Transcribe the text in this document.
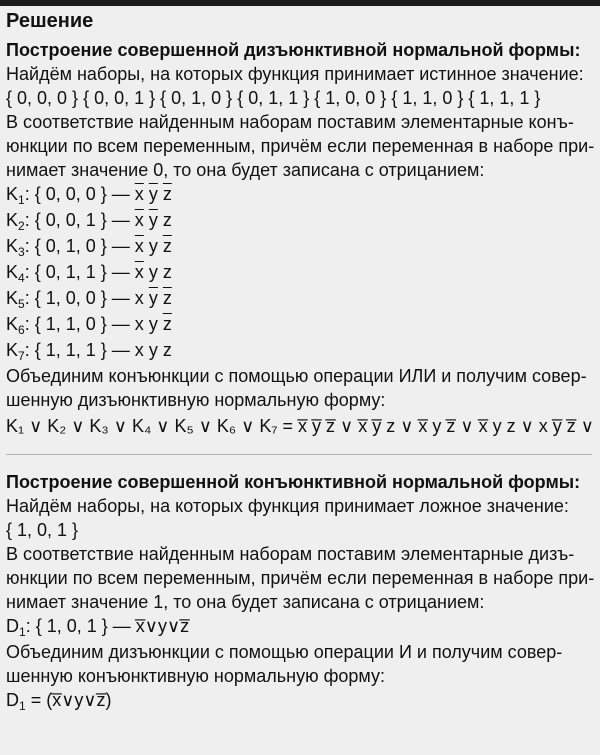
Решение

Построение совершенной дизъюнктивной нормальной формы:

Найдём наборы, на которых функция принимает истинное значение:

{ 0, 0, 0 } { 0, 0, 1 } { 0, 1, 0 } { 0, 1, 1 } { 1, 0, 0 } { 1, 1, 0 } { 1, 1, 1 }

В соответствие найденным наборам поставим элементарные конъ-

юнкции по всем переменным, причём если переменная в наборе при-

нимает значение 0, то она будет записана с отрицанием:

$K_1$: { 0, 0, 0 } — $\overline{x}$ $\overline{y}$ $\overline{z}$

$K_2$: { 0, 0, 1 } — $\overline{x}$ $\overline{y}$ z

$K_3$: { 0, 1, 0 } — $\overline{x}$ y $\overline{z}$

$K_4$: { 0, 1, 1 } — $\overline{x}$ y z

$K_5$: { 1, 0, 0 } — x $\overline{y}$ $\overline{z}$

$K_6$: { 1, 1, 0 } — x y $\overline{z}$

$K_7$: { 1, 1, 1 } — x y z

Объединим конъюнкции с помощью операции ИЛИ и получим совер-

шенную дизъюнктивную нормальную форму:

K₁ ∨ K₂ ∨ K₃ ∨ K₄ ∨ K₅ ∨ K₆ ∨ K₇ = x̅ y̅ z̅ ∨ x̅ y̅ z ∨ x̅ y z̅ ∨ x̅ y z ∨ x y̅ z̅ ∨

Построение совершенной конъюнктивной нормальной формы:

Найдём наборы, на которых функция принимает ложное значение:

{ 1, 0, 1 }

В соответствие найденным наборам поставим элементарные дизъ-

юнкции по всем переменным, причём если переменная в наборе при-

нимает значение 1, то она будет записана с отрицанием:

$D_1$: { 1, 0, 1 } — x̅∨y∨z̅

Объединим дизъюнкции с помощью операции И и получим совер-

шенную конъюнктивную нормальную форму:

$D_1$ = (x̅∨y∨z̅)
